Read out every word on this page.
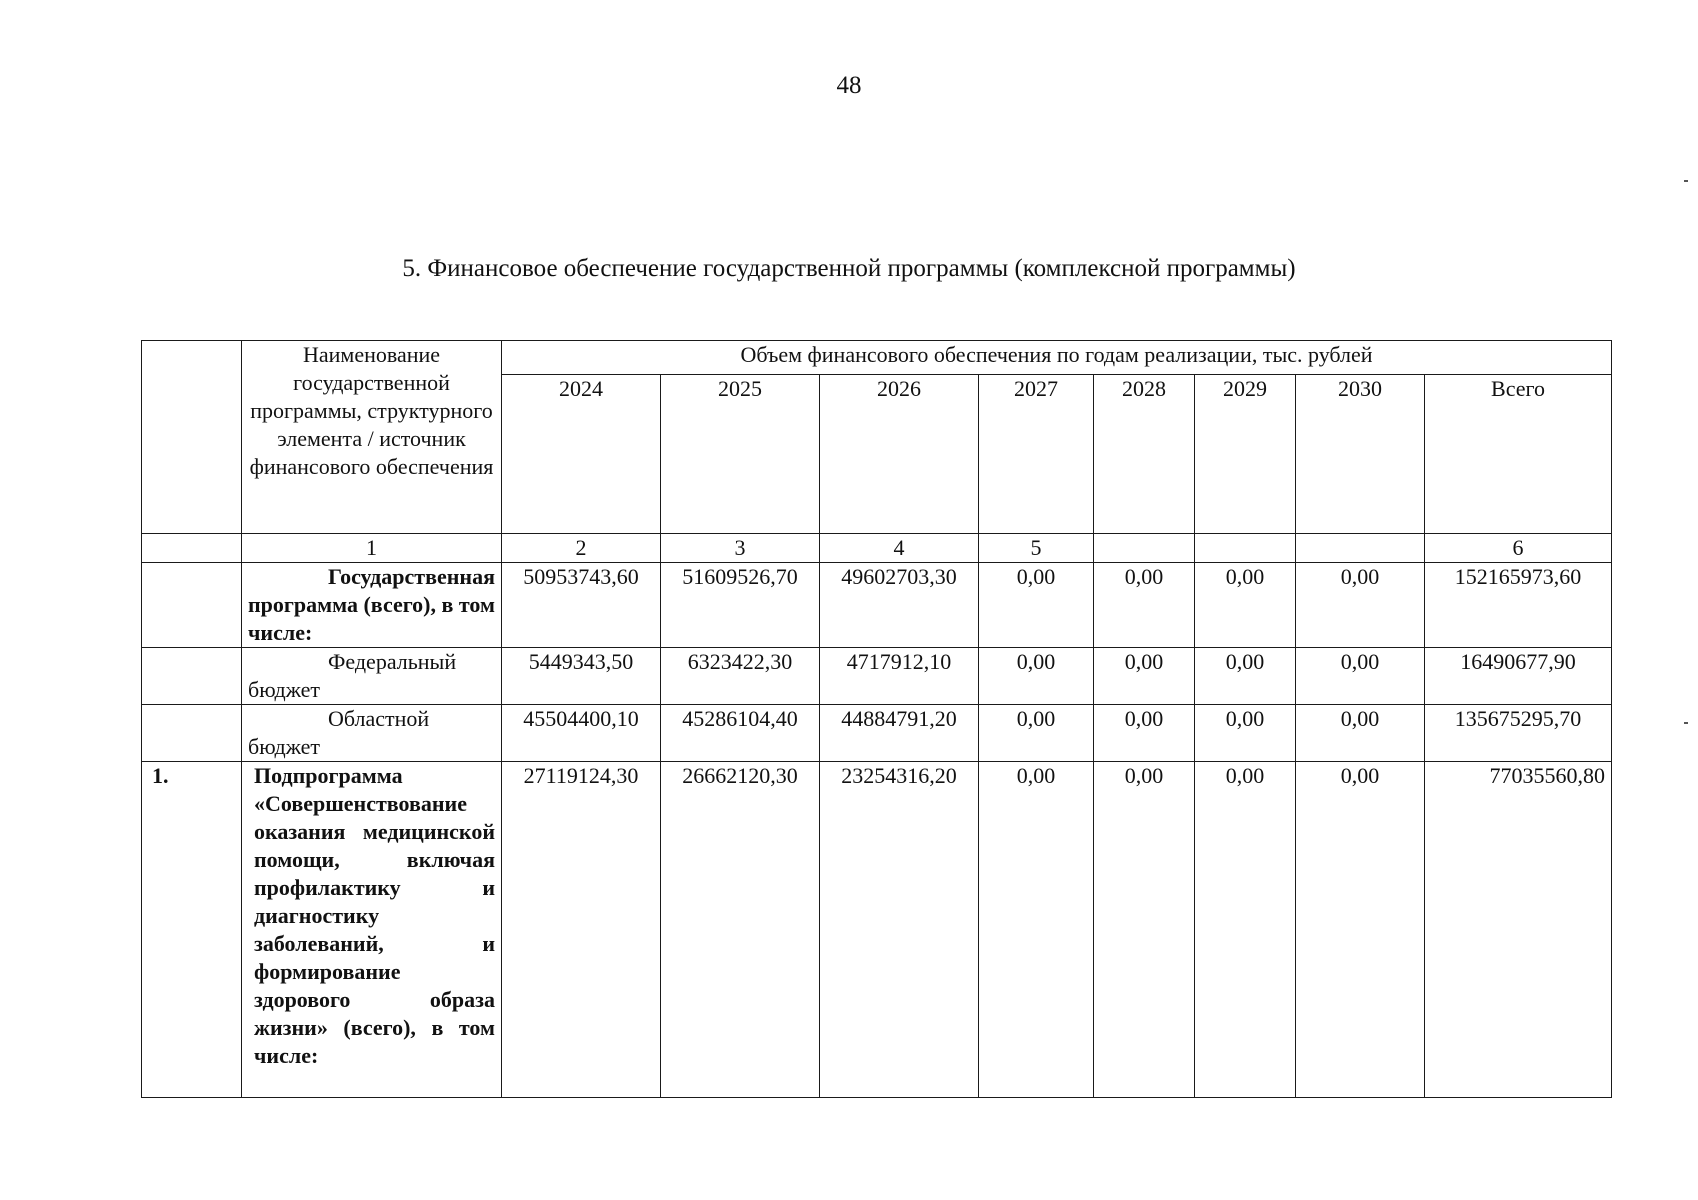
48
5. Финансовое обеспечение государственной программы (комплексной программы)
	Наименование государственной программы, структурного элемента / источник финансового обеспечения	Объем финансового обеспечения по годам реализации, тыс. рублей							
		2024	2025	2026	2027	2028	2029	2030	Всего
	1	2	3	4	5				6

	Государственная программа (всего), в том числе:	50953743,60	51609526,70	49602703,30	0,00	0,00	0,00	0,00	152165973,60

	Федеральный бюджет	5449343,50	6323422,30	4717912,10	0,00	0,00	0,00	0,00	16490677,90

	Областной бюджет	45504400,10	45286104,40	44884791,20	0,00	0,00	0,00	0,00	135675295,70
1.	Подпрограмма «Совершенствование оказания медицинской помощи, включая профилактику и диагностику заболеваний, и формирование здорового образа жизни» (всего), в том числе:	27119124,30	26662120,30	23254316,20	0,00	0,00	0,00	0,00	77035560,80
